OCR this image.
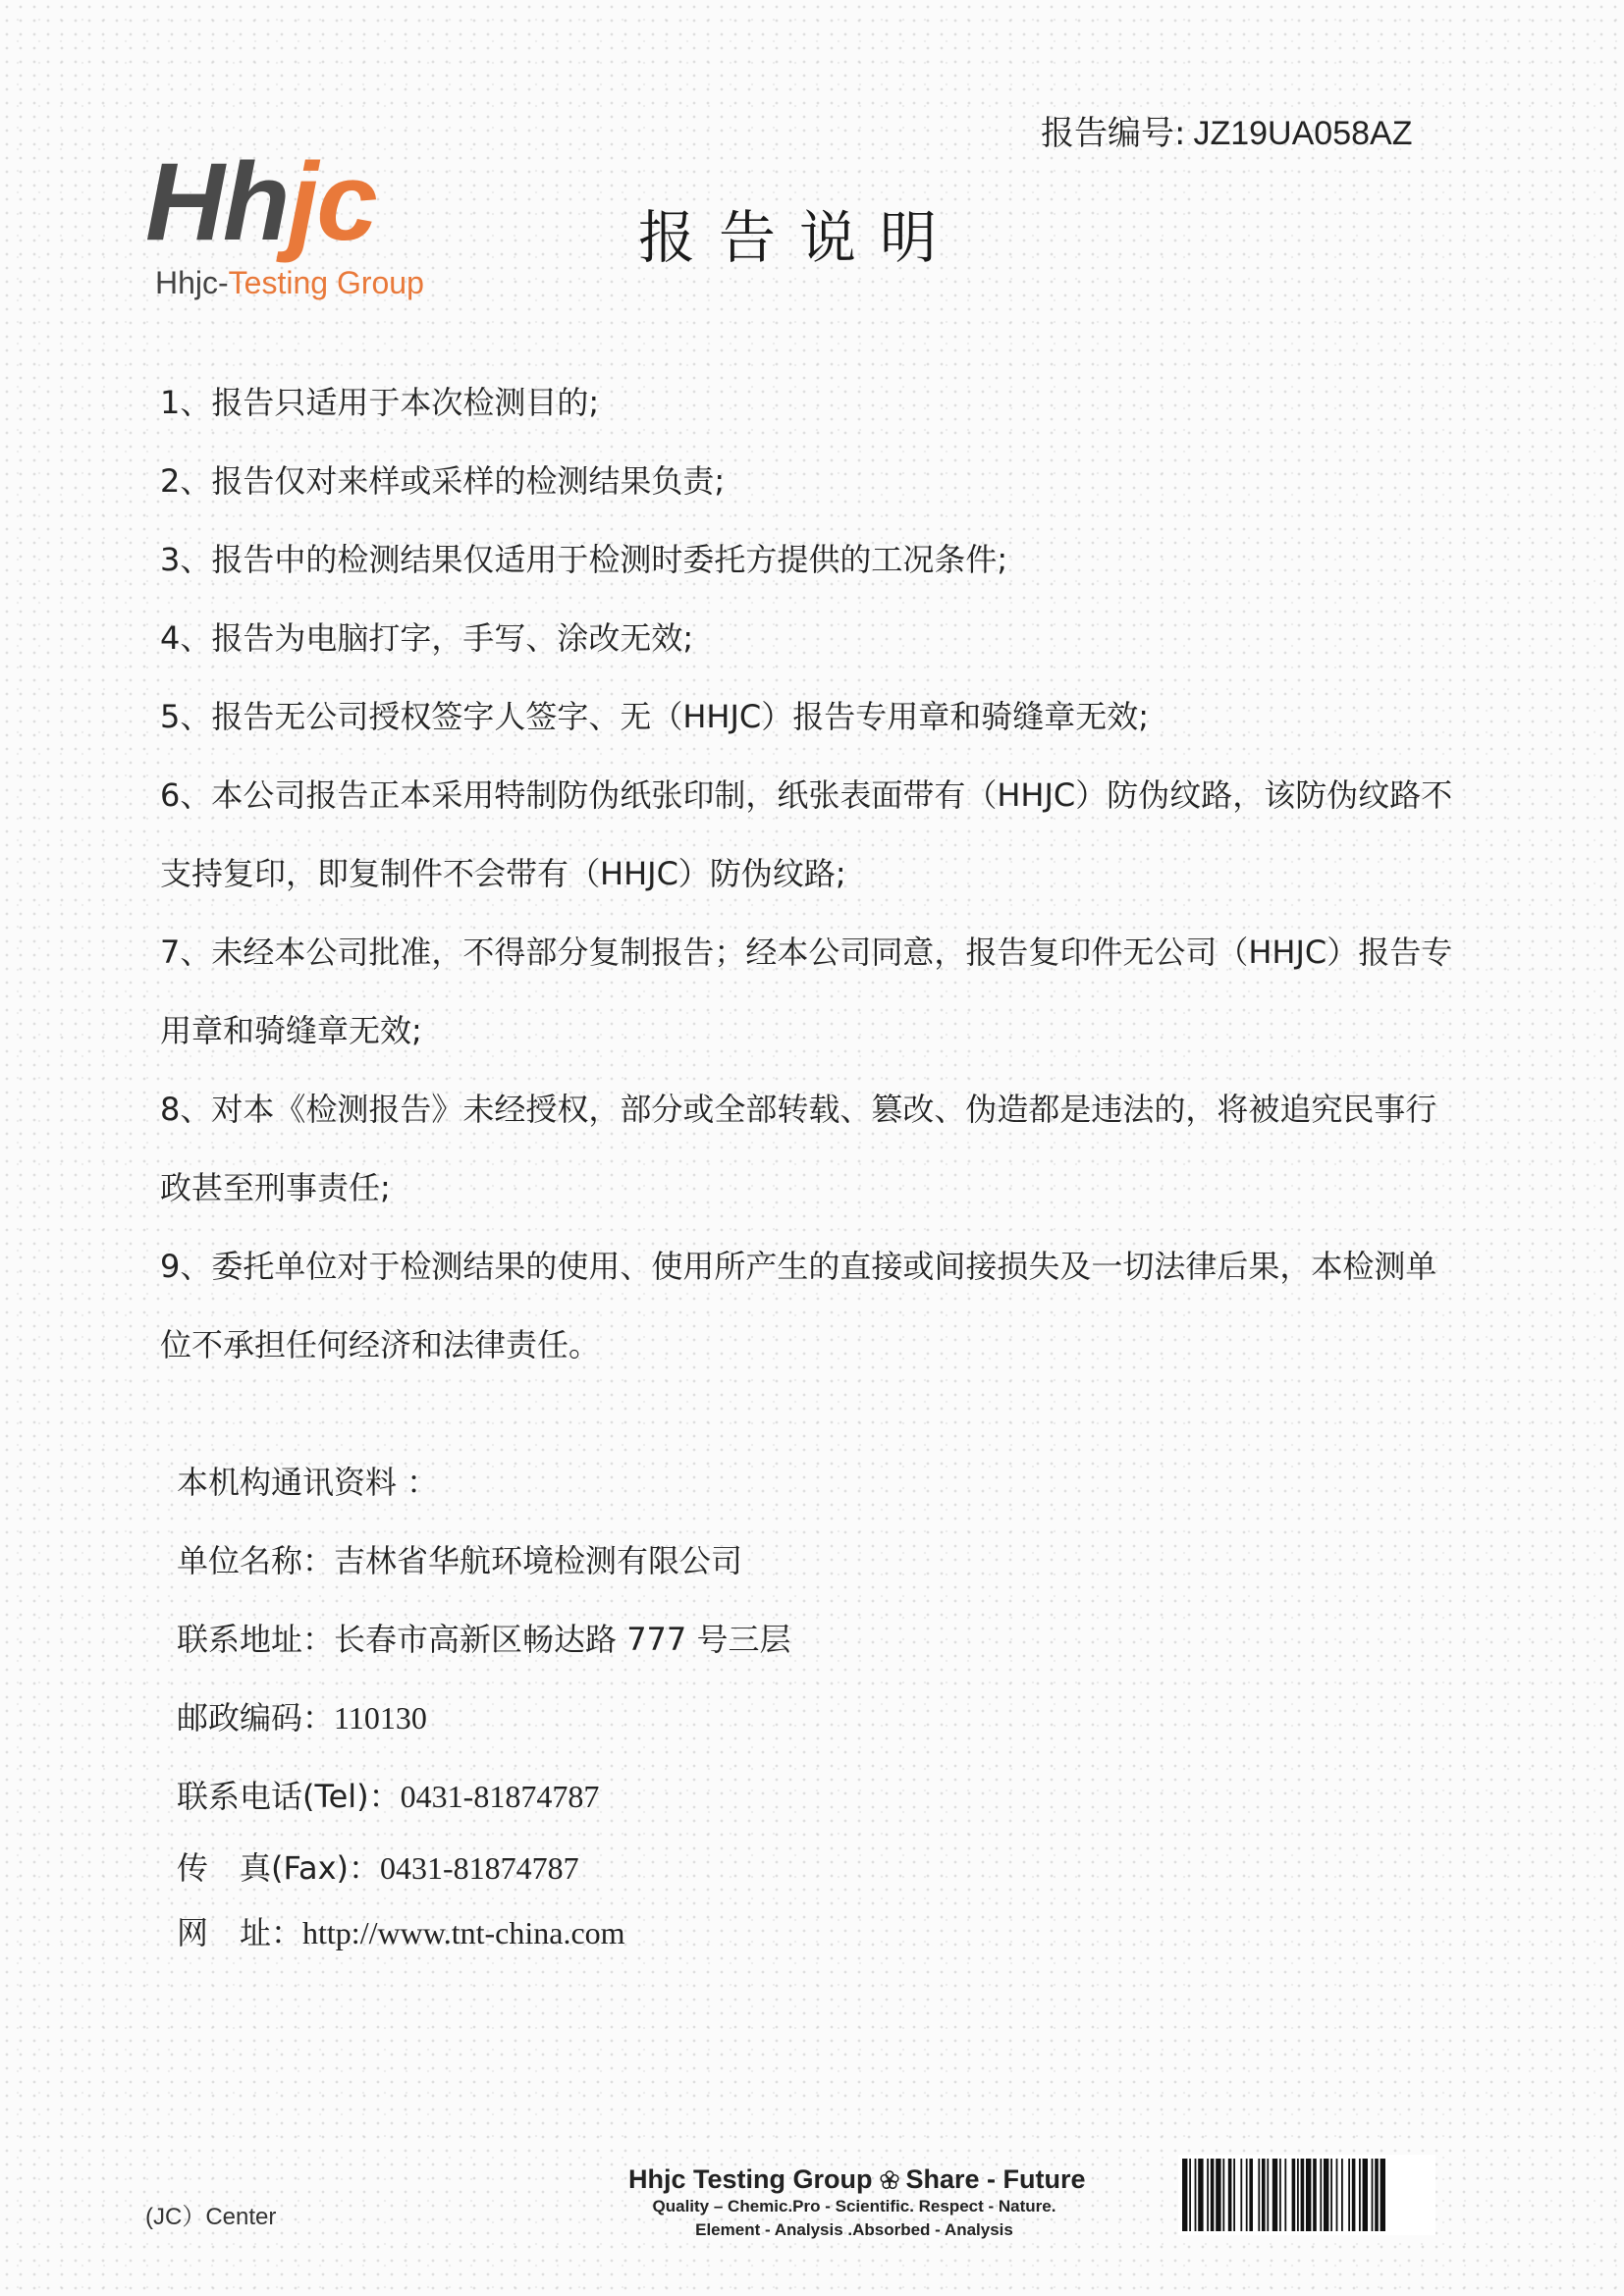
报告编号: JZ19UA058AZ
Hhjc
Hhjc-Testing Group
报告说明
1、报告只适用于本次检测目的;
2、报告仅对来样或采样的检测结果负责;
3、报告中的检测结果仅适用于检测时委托方提供的工况条件;
4、报告为电脑打字，手写、涂改无效;
5、报告无公司授权签字人签字、无（HHJC）报告专用章和骑缝章无效;
6、本公司报告正本采用特制防伪纸张印制，纸张表面带有（HHJC）防伪纹路，该防伪纹路不支持复印，即复制件不会带有（HHJC）防伪纹路;
7、未经本公司批准，不得部分复制报告；经本公司同意，报告复印件无公司（HHJC）报告专用章和骑缝章无效;
8、对本《检测报告》未经授权，部分或全部转载、篡改、伪造都是违法的，将被追究民事行政甚至刑事责任;
9、委托单位对于检测结果的使用、使用所产生的直接或间接损失及一切法律后果，本检测单位不承担任何经济和法律责任。
本机构通讯资料 ：
单位名称：吉林省华航环境检测有限公司
联系地址：长春市高新区畅达路 777 号三层
邮政编码：110130
联系电话(Tel)：0431-81874787
传　真(Fax)：0431-81874787
网　址：http://www.tnt-china.com
(JC）Center
Hhjc Testing Group Share - Future
Quality – Chemic.Pro - Scientific. Respect - Nature.
Element - Analysis .Absorbed - Analysis
